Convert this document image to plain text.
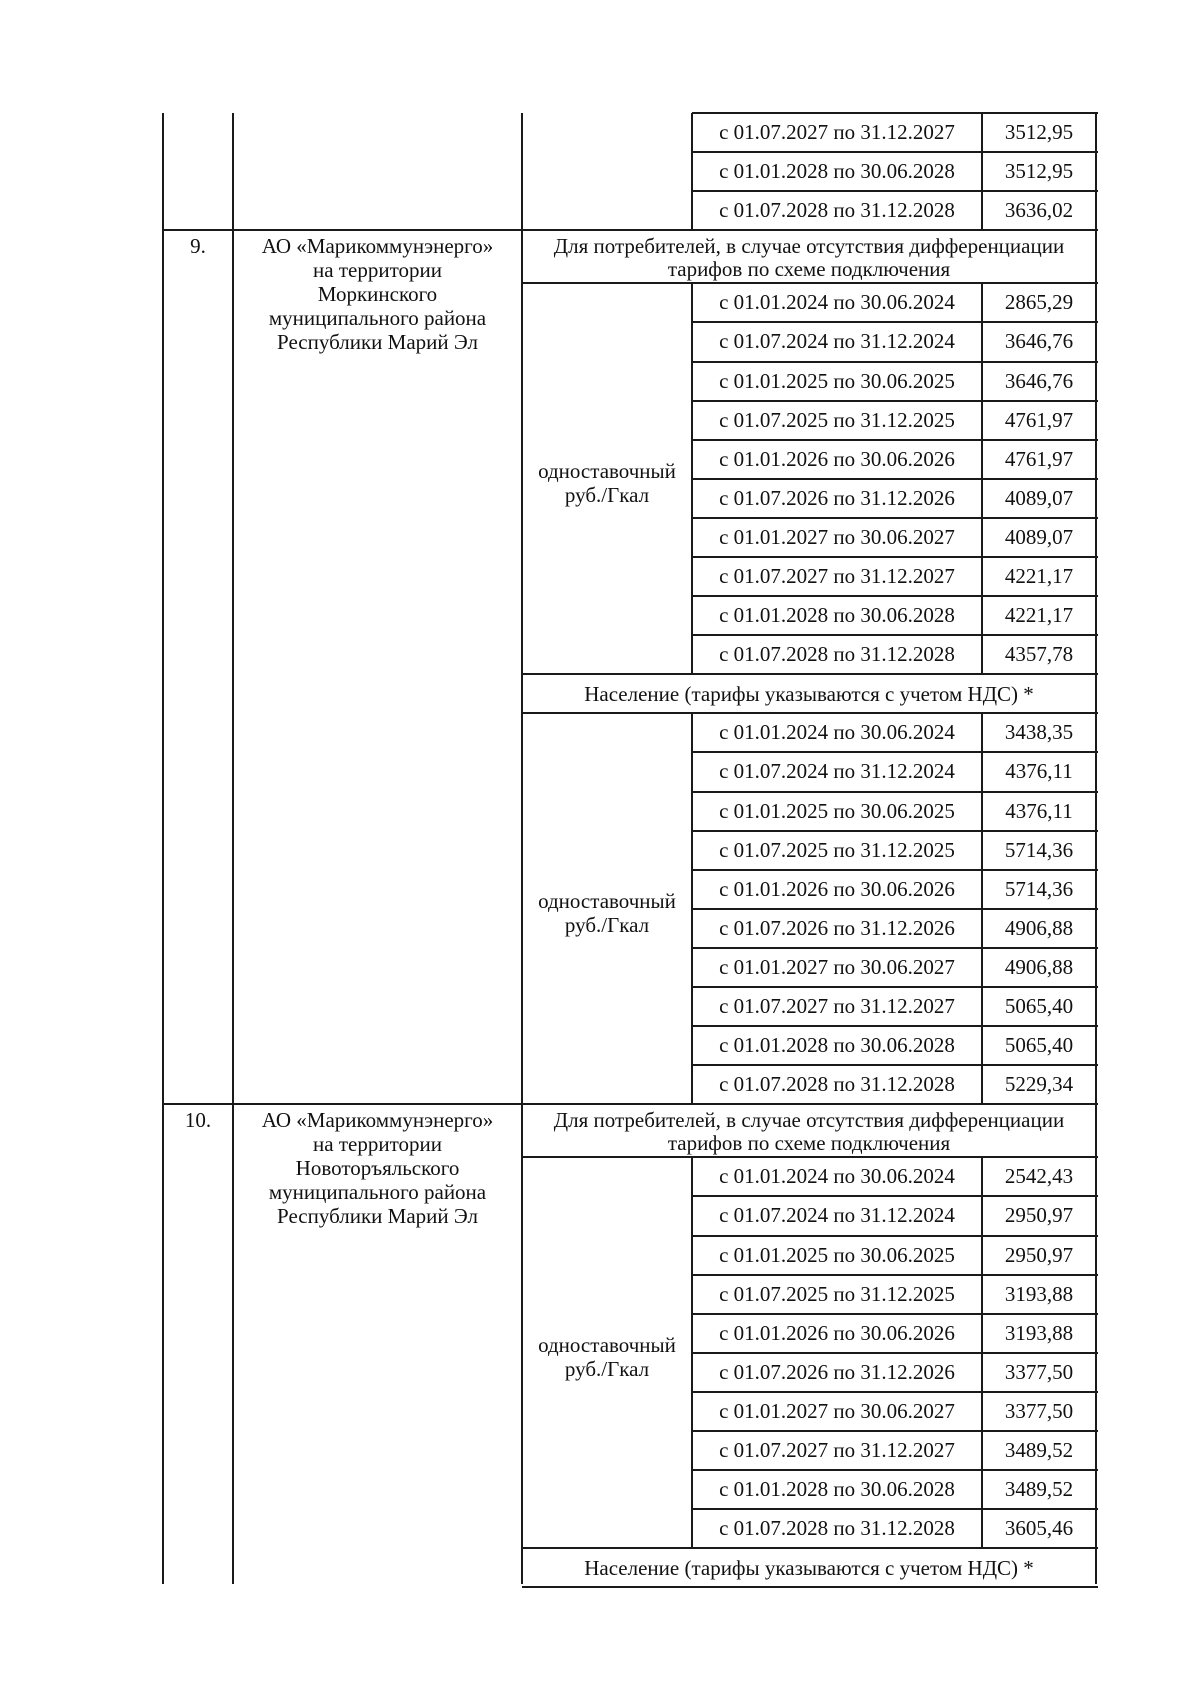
с 01.07.2027 по 31.12.2027	3512,95
с 01.01.2028 по 30.06.2028	3512,95
с 01.07.2028 по 31.12.2028	3636,02
9.	АО «Марикоммунэнерго»
на территории
Моркинского
муниципального района
Республики Марий Эл
Для потребителей, в случае отсутствия дифференциации
тарифов по схеме подключения
с 01.01.2024 по 30.06.2024	2865,29
с 01.07.2024 по 31.12.2024	3646,76
с 01.01.2025 по 30.06.2025	3646,76
с 01.07.2025 по 31.12.2025	4761,97
с 01.01.2026 по 30.06.2026	4761,97
с 01.07.2026 по 31.12.2026	4089,07
с 01.01.2027 по 30.06.2027	4089,07
с 01.07.2027 по 31.12.2027	4221,17
с 01.01.2028 по 30.06.2028	4221,17
с 01.07.2028 по 31.12.2028	4357,78
одноставочный
руб./Гкал
Население (тарифы указываются с учетом НДС) *
с 01.01.2024 по 30.06.2024	3438,35
с 01.07.2024 по 31.12.2024	4376,11
с 01.01.2025 по 30.06.2025	4376,11
с 01.07.2025 по 31.12.2025	5714,36
с 01.01.2026 по 30.06.2026	5714,36
с 01.07.2026 по 31.12.2026	4906,88
с 01.01.2027 по 30.06.2027	4906,88
с 01.07.2027 по 31.12.2027	5065,40
с 01.01.2028 по 30.06.2028	5065,40
с 01.07.2028 по 31.12.2028	5229,34
одноставочный
руб./Гкал
10.	АО «Марикоммунэнерго»
на территории
Новоторъяльского
муниципального района
Республики Марий Эл
Для потребителей, в случае отсутствия дифференциации
тарифов по схеме подключения
с 01.01.2024 по 30.06.2024	2542,43
с 01.07.2024 по 31.12.2024	2950,97
с 01.01.2025 по 30.06.2025	2950,97
с 01.07.2025 по 31.12.2025	3193,88
с 01.01.2026 по 30.06.2026	3193,88
с 01.07.2026 по 31.12.2026	3377,50
с 01.01.2027 по 30.06.2027	3377,50
с 01.07.2027 по 31.12.2027	3489,52
с 01.01.2028 по 30.06.2028	3489,52
с 01.07.2028 по 31.12.2028	3605,46
одноставочный
руб./Гкал
Население (тарифы указываются с учетом НДС) *
